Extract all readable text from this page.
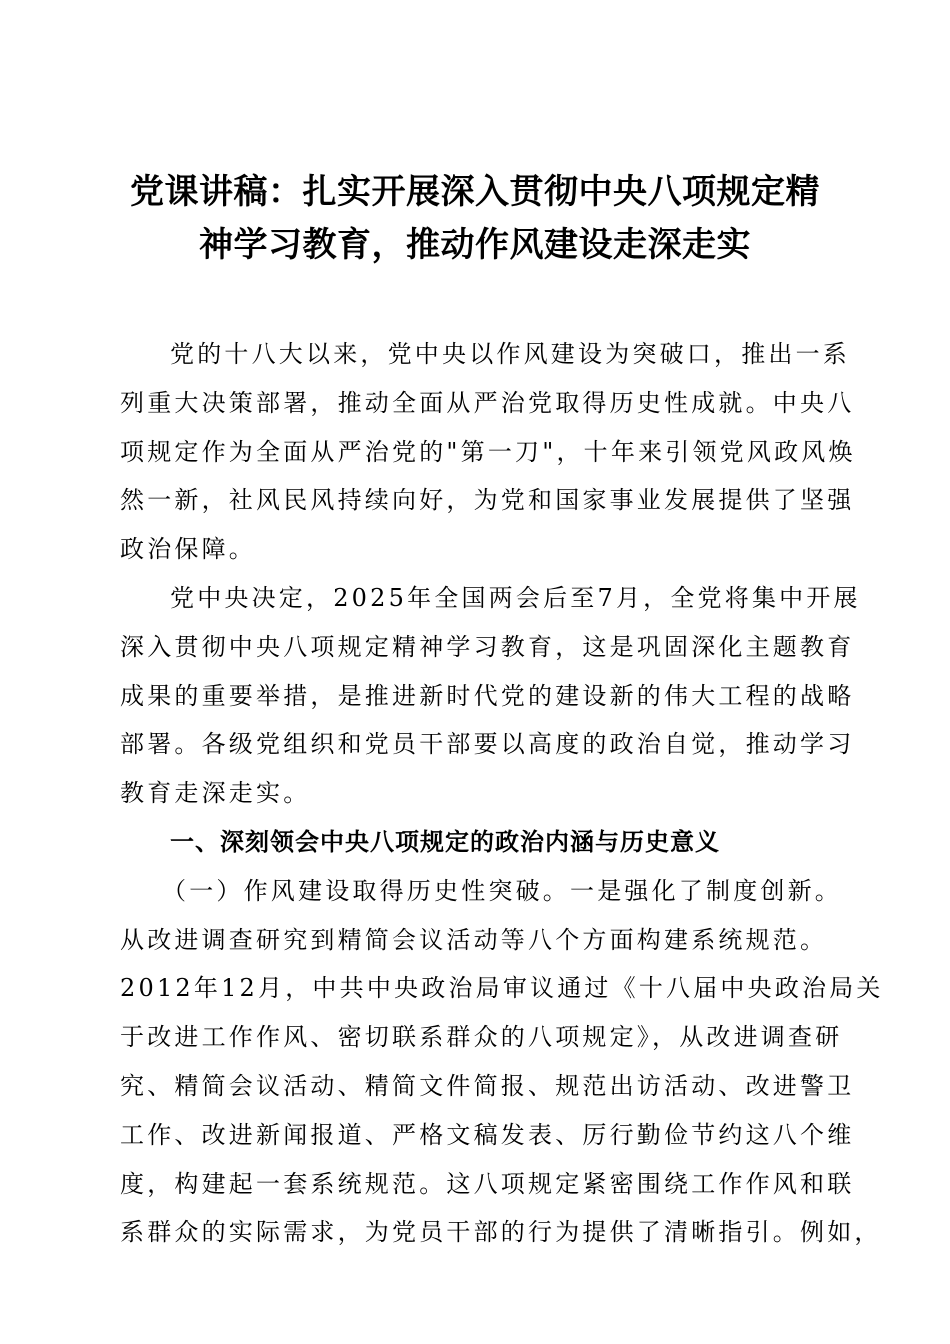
党课讲稿：扎实开展深入贯彻中央八项规定精
神学习教育，推动作风建设走深走实

党的十八大以来，党中央以作风建设为突破口，推出一系
列重大决策部署，推动全面从严治党取得历史性成就。中央八
项规定作为全面从严治党的"第一刀"，十年来引领党风政风焕
然一新，社风民风持续向好，为党和国家事业发展提供了坚强
政治保障。

党中央决定，2025年全国两会后至7月，全党将集中开展
深入贯彻中央八项规定精神学习教育，这是巩固深化主题教育
成果的重要举措，是推进新时代党的建设新的伟大工程的战略
部署。各级党组织和党员干部要以高度的政治自觉，推动学习
教育走深走实。

一、深刻领会中央八项规定的政治内涵与历史意义

（一）作风建设取得历史性突破。一是强化了制度创新。
从改进调查研究到精简会议活动等八个方面构建系统规范。
2012年12月，中共中央政治局审议通过《十八届中央政治局关
于改进工作作风、密切联系群众的八项规定》，从改进调查研
究、精简会议活动、精简文件简报、规范出访活动、改进警卫
工作、改进新闻报道、严格文稿发表、厉行勤俭节约这八个维
度，构建起一套系统规范。这八项规定紧密围绕工作作风和联
系群众的实际需求，为党员干部的行为提供了清晰指引。例如，
